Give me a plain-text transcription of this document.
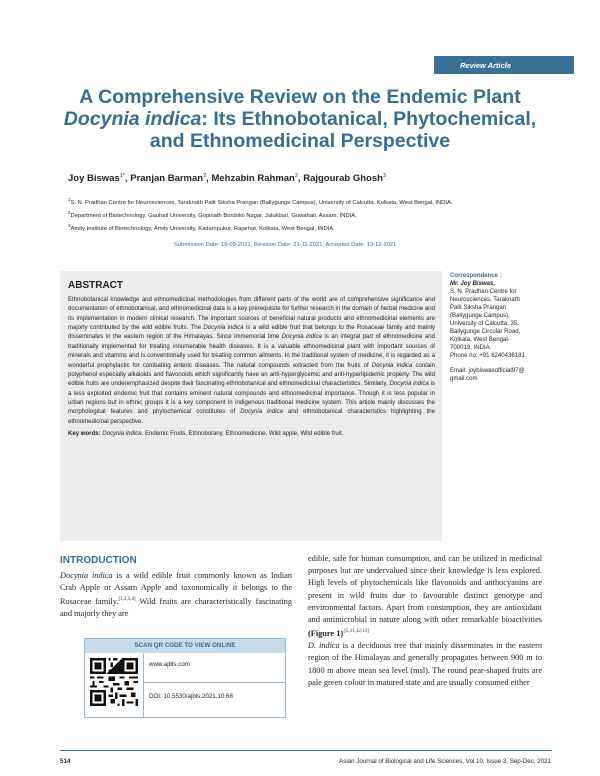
Review Article
A Comprehensive Review on the Endemic Plant
Docynia indica: Its Ethnobotanical, Phytochemical,
and Ethnomedicinal Perspective
Joy Biswas$^{1*}$, Pranjan Barman$^2$, Mehzabin Rahman$^2$, Rajgourab Ghosh$^3$
$^1$S. N. Pradhan Centre for Neurosciences, Taraknath Palit Siksha Prangan (Ballygunge Campus), University of Calcutta, Kolkata, West Bengal, INDIA.
$^2$Department of Biotechnology, Gauhati University, Gopinath Bordoloi Nagar, Jalukbari, Guwahati, Assam, INDIA.
$^3$Amity Institute of Biotechnology, Amity University, Kadampukur, Rajarhat, Kolkata, West Bengal, INDIA.
Submission Date: 19-09-2021; Revision Date: 21-11-2021; Accepted Date: 13-12-2021
ABSTRACT

Ethnobotanical knowledge and ethnomedicinal methodologies from different parts of the world are of comprehensive significance and documentation of ethnobotanical, and ethnomedicinal data is a key prerequisite for further research in the domain of herbal medicine and its implementation in modern clinical research. The important sources of beneficial natural products and ethnomedicinal elements are majorly contributed by the wild edible fruits. The Docynia indica is a wild edible fruit that belongs to the Rosaceae family and mainly disseminates in the eastern region of the Himalayas. Since immemorial time Docynia indica is an integral part of ethnomedicine and traditionally implemented for treating innumerable health diseases. It is a valuable ethnomedicinal plant with important sources of minerals and vitamins and is conventionally used for treating common ailments. In the traditional system of medicine, it is regarded as a wonderful prophylactic for combating enteric diseases. The natural compounds extracted from the fruits of Docynia indica contain polyphenol especially alkaloids and flavonoids which significantly have an anti-hyperglycemic and anti-hyperlipidemic property. The wild edible fruits are underemphasized despite their fascinating ethnobotanical and ethnomedicinal characteristics. Similarly, Docynia indica is a less exploited endemic fruit that contains eminent natural compounds and ethnomedicinal importance. Though it is less popular in urban regions but in ethnic groups it is a key component in indigenous traditional medicine system. This article mainly discusses the morphological features and phytochemical constitutes of Docynia indica and ethnobotanical characteristics highlighting the ethnomedicinal perspective.

Key words: Docynia indica, Endemic Fruits, Ethnobotany, Ethnomedicine, Wild apple, Wild edible fruit.

Correspondence :
Mr. Joy Biswas,
S. N. Pradhan Centre for
Neurosciences, Taraknath
Palit Siksha Prangan
(Ballygunge Campus),
University of Calcutta, 35,
Ballygunge Circular Road,
Kolkata, West Bengal-
700019, INDIA.
Phone no: +91 8240436181
Email: joybiswasofficial97@
gmail.com
INTRODUCTION

Docynia indica is a wild edible fruit commonly known as Indian Crab Apple or Assam Apple and taxonomically it belongs to the Rosaceae family.[1,2,3,4] Wild fruits are characteristically fascinating and majorly they are

SCAN QR CODE TO VIEW ONLINE
www.ajbls.com
DOI: 10.5530/ajbls.2021.10.68

edible, safe for human consumption, and can be utilized in medicinal purposes but are undervalued since their knowledge is less explored. High levels of phytochemicals like flavonoids and anthocyanins are present in wild fruits due to favourable distinct genotype and environmental factors. Apart from consumption, they are antioxidant and antimicrobial in nature along with other remarkable bioactivities (Figure 1)$^{.[5,11,12,13]}$
D. indica is a deciduous tree that mainly disseminates in the eastern region of the Himalayas and generally propagates between 900 m to 1800 m above mean sea level (msl). The round pear-shaped fruits are pale green colour in matured state and are usually consumed either

514	Asian Journal of Biological and Life Sciences, Vol 10, Issue 3, Sep-Dec, 2021
